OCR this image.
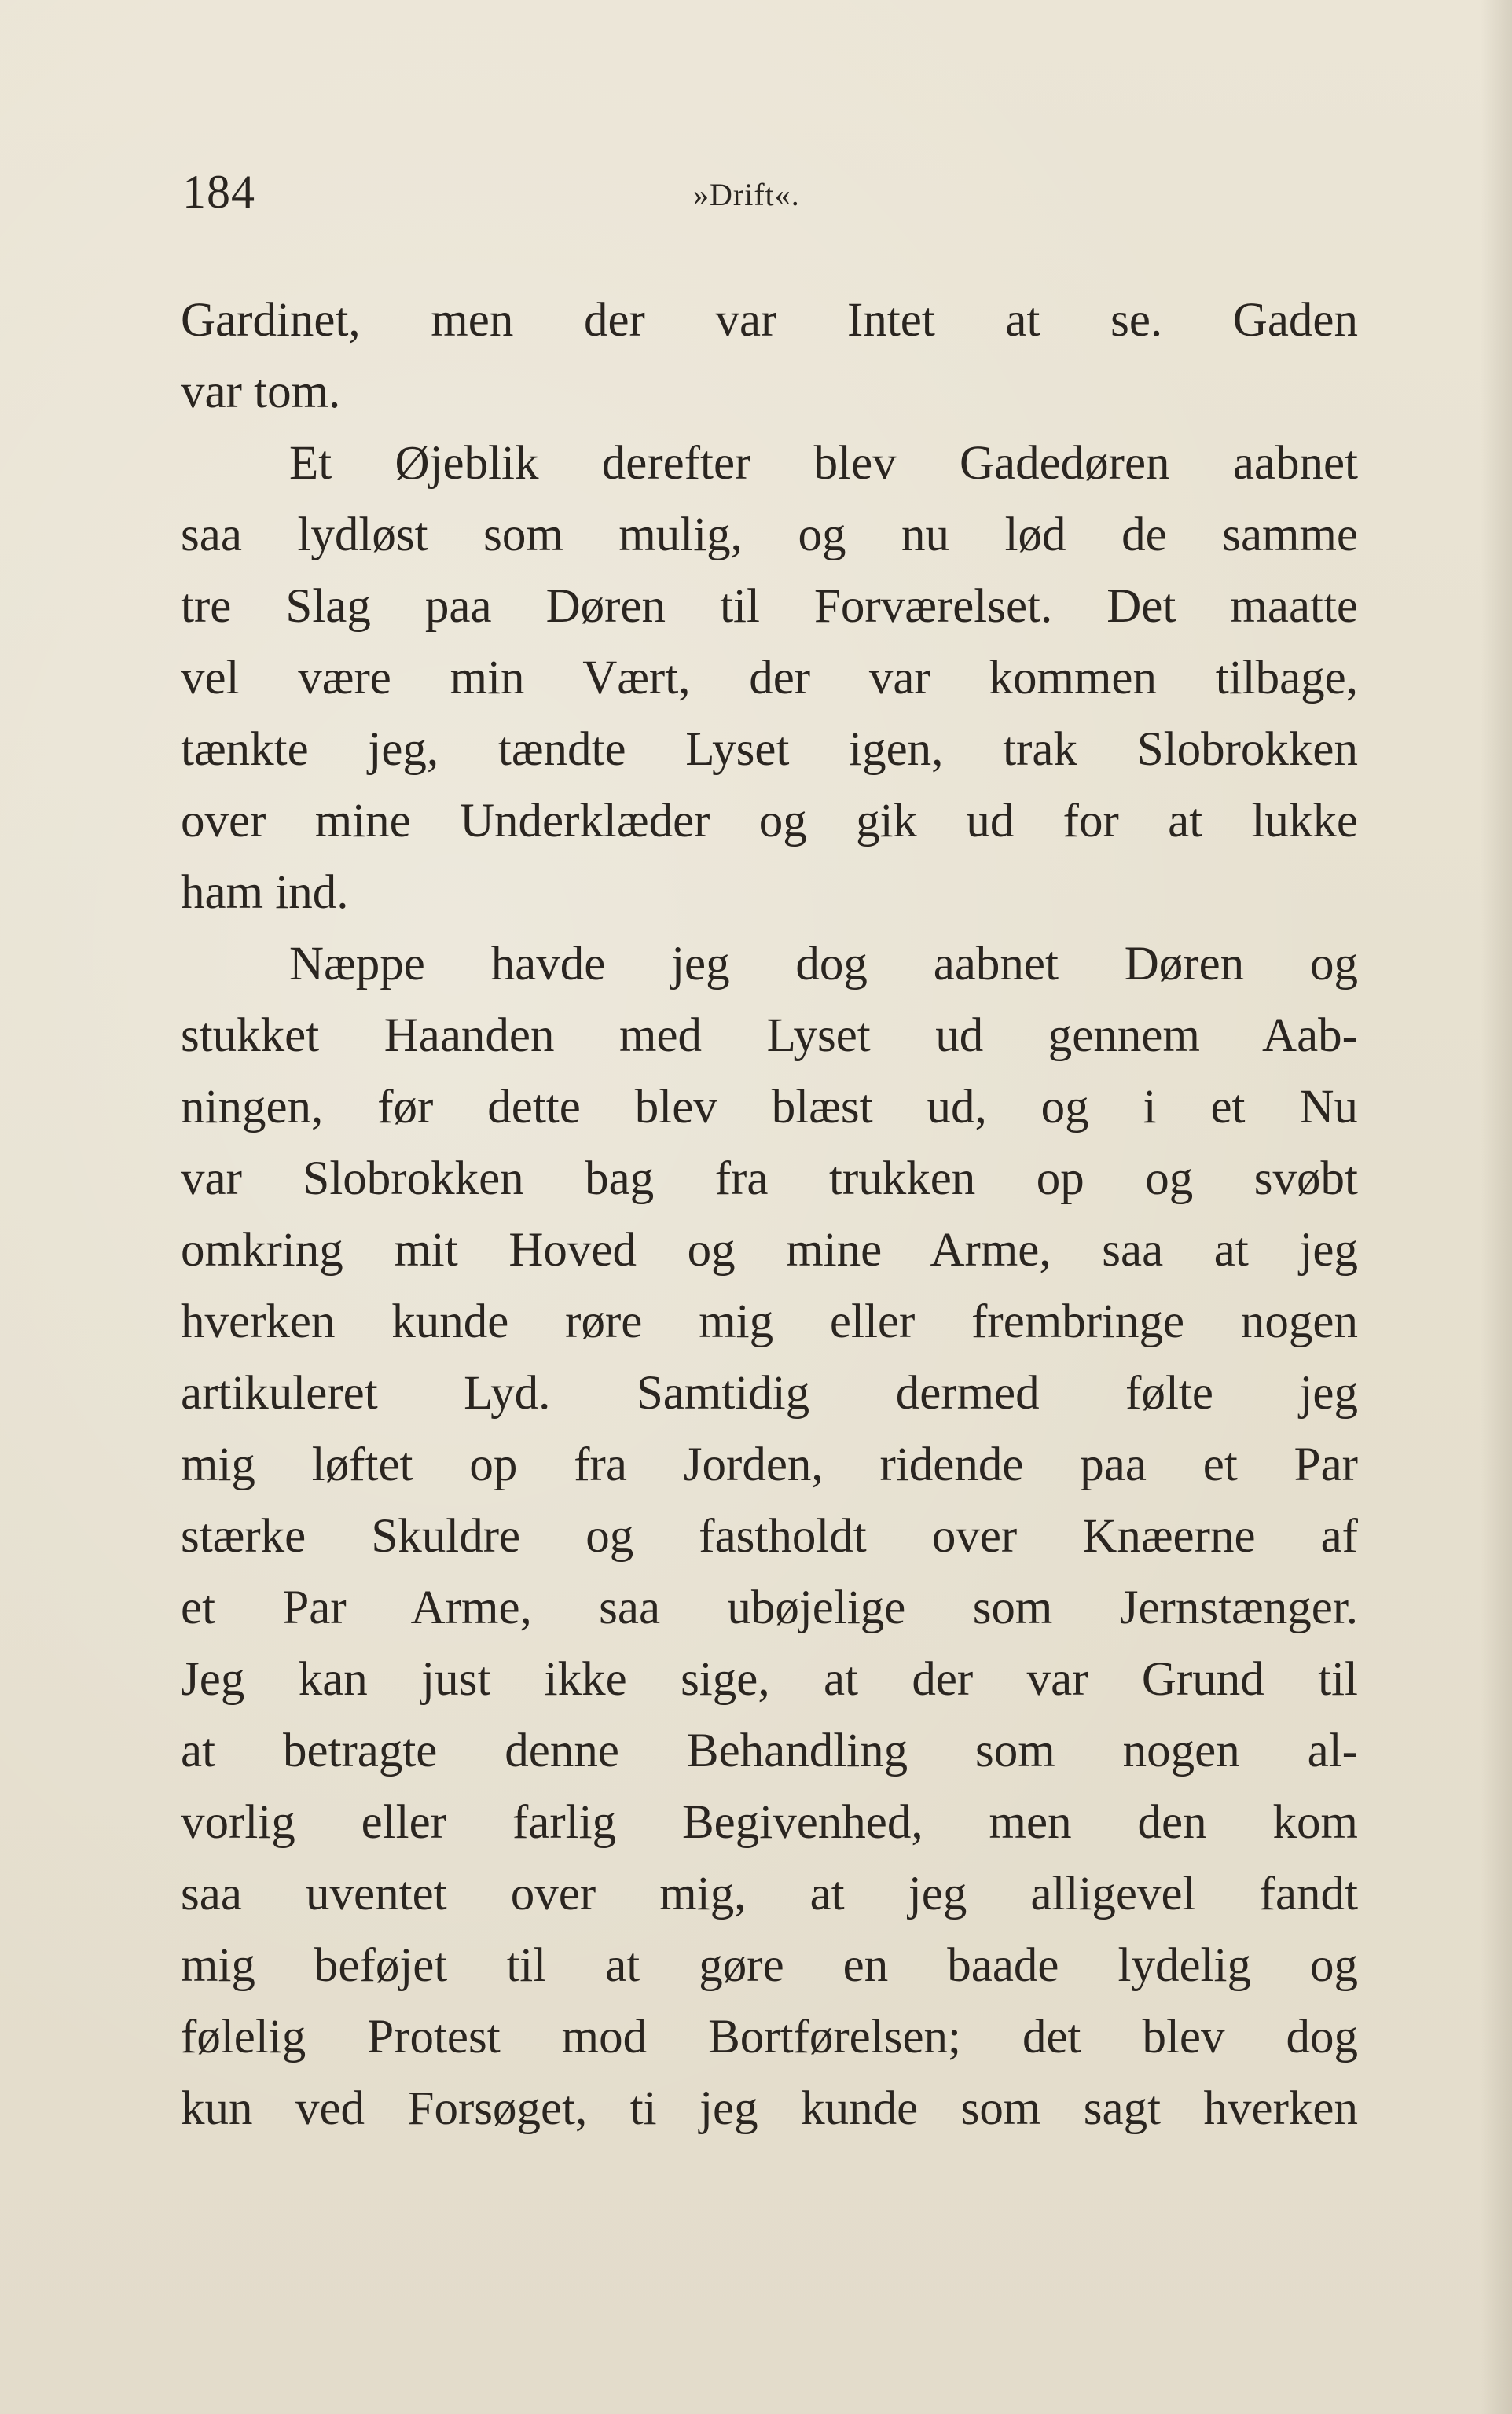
184	»Drift«.
Gardinet, men der var Intet at se. Gaden
var tom.
Et Øjeblik derefter blev Gadedøren aabnet
saa lydløst som mulig, og nu lød de samme
tre Slag paa Døren til Forværelset. Det maatte
vel være min Vært, der var kommen tilbage,
tænkte jeg, tændte Lyset igen, trak Slobrokken
over mine Underklæder og gik ud for at lukke
ham ind.
Næppe havde jeg dog aabnet Døren og
stukket Haanden med Lyset ud gennem Aab-
ningen, før dette blev blæst ud, og i et Nu
var Slobrokken bag fra trukken op og svøbt
omkring mit Hoved og mine Arme, saa at jeg
hverken kunde røre mig eller frembringe nogen
artikuleret Lyd. Samtidig dermed følte jeg
mig løftet op fra Jorden, ridende paa et Par
stærke Skuldre og fastholdt over Knæerne af
et Par Arme, saa ubøjelige som Jernstænger.
Jeg kan just ikke sige, at der var Grund til
at betragte denne Behandling som nogen al-
vorlig eller farlig Begivenhed, men den kom
saa uventet over mig, at jeg alligevel fandt
mig beføjet til at gøre en baade lydelig og
følelig Protest mod Bortførelsen; det blev dog
kun ved Forsøget, ti jeg kunde som sagt hverken
